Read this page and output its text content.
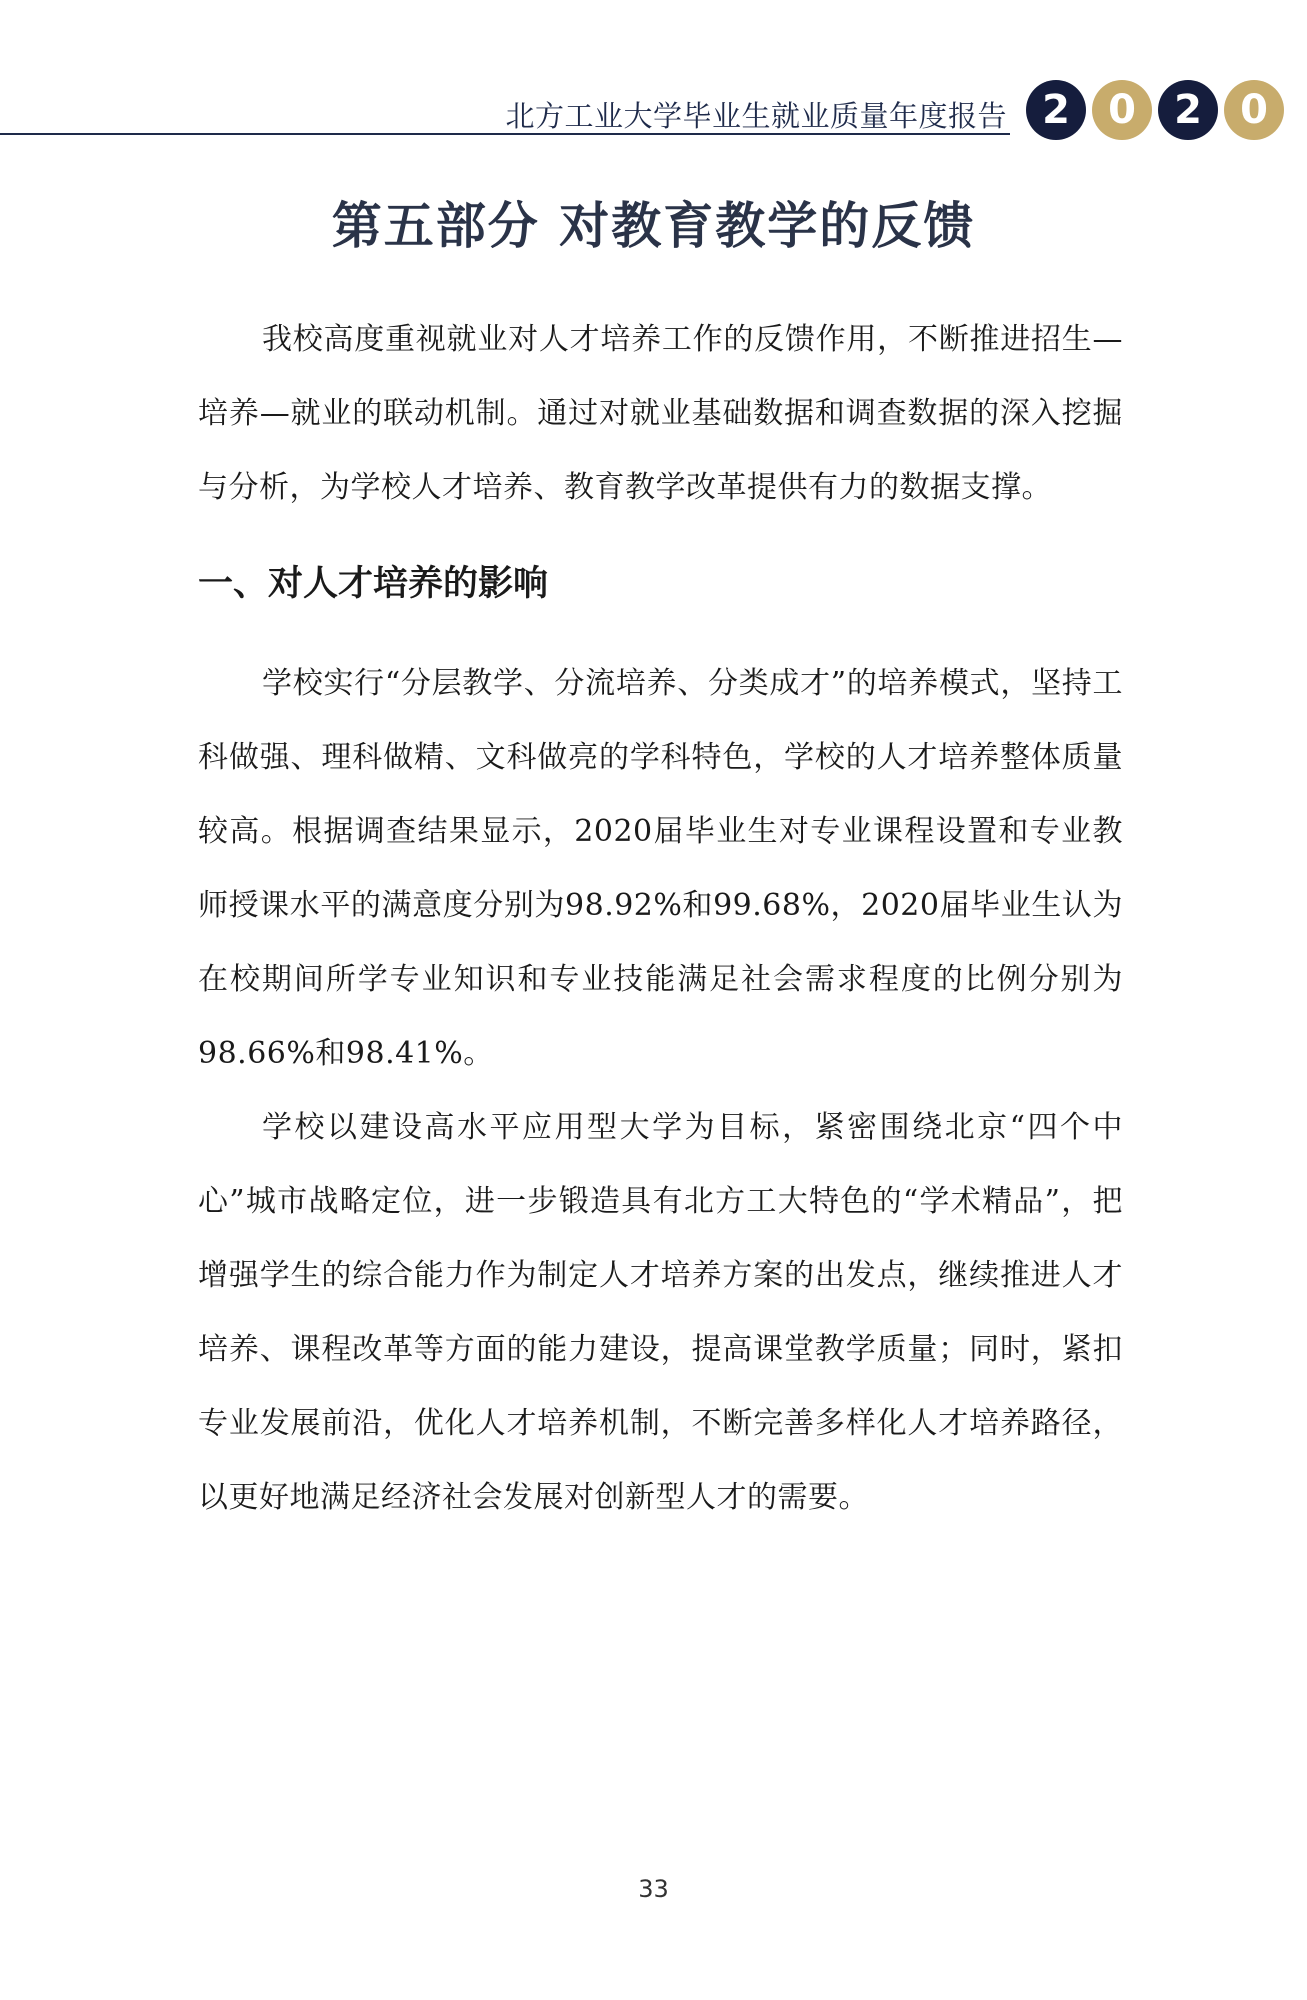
北方工业大学毕业生就业质量年度报告 2 0 2 0
第五部分 对教育教学的反馈

我校高度重视就业对人才培养工作的反馈作用，不断推进招生—培养—就业的联动机制。通过对就业基础数据和调查数据的深入挖掘与分析，为学校人才培养、教育教学改革提供有力的数据支撑。

一、对人才培养的影响

学校实行“分层教学、分流培养、分类成才”的培养模式，坚持工科做强、理科做精、文科做亮的学科特色，学校的人才培养整体质量较高。根据调查结果显示，2020届毕业生对专业课程设置和专业教师授课水平的满意度分别为98.92%和99.68%，2020届毕业生认为在校期间所学专业知识和专业技能满足社会需求程度的比例分别为98.66%和98.41%。

学校以建设高水平应用型大学为目标，紧密围绕北京“四个中心”城市战略定位，进一步锻造具有北方工大特色的“学术精品”，把增强学生的综合能力作为制定人才培养方案的出发点，继续推进人才培养、课程改革等方面的能力建设，提高课堂教学质量；同时，紧扣专业发展前沿，优化人才培养机制，不断完善多样化人才培养路径，以更好地满足经济社会发展对创新型人才的需要。

33
